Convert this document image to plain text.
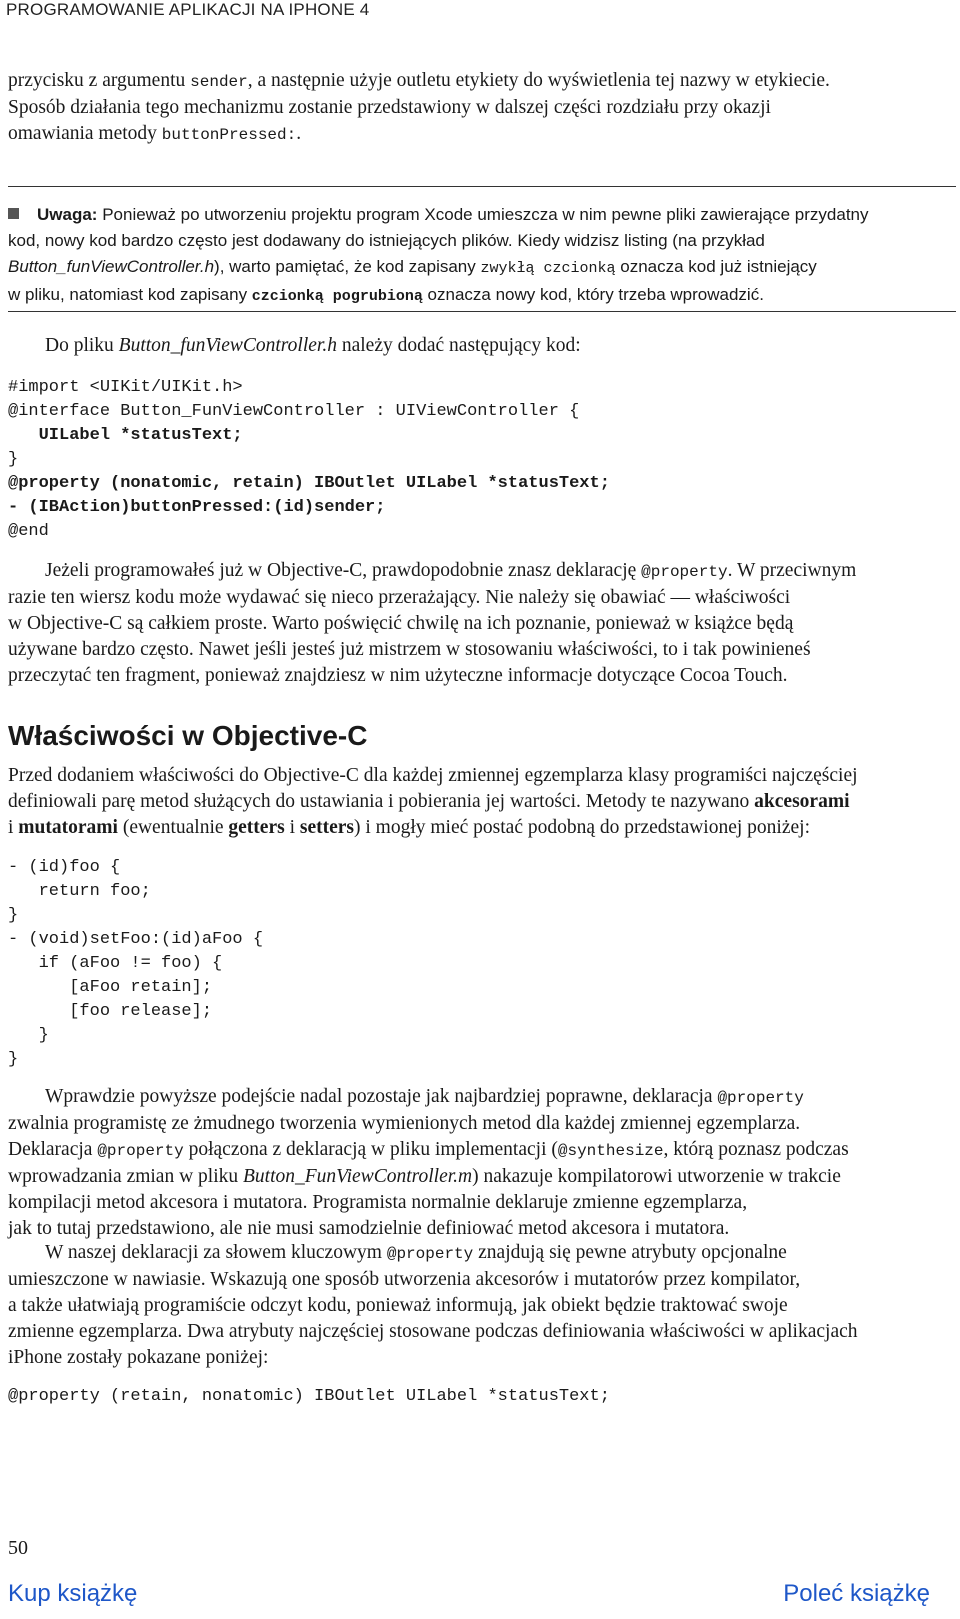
PROGRAMOWANIE APLIKACJI NA IPHONE 4
przycisku z argumentu sender, a następnie użyje outletu etykiety do wyświetlenia tej nazwy w etykiecie.
Sposób działania tego mechanizmu zostanie przedstawiony w dalszej części rozdziału przy okazji
omawiania metody buttonPressed:.
Uwaga: Ponieważ po utworzeniu projektu program Xcode umieszcza w nim pewne pliki zawierające przydatny
kod, nowy kod bardzo często jest dodawany do istniejących plików. Kiedy widzisz listing (na przykład
Button_funViewController.h), warto pamiętać, że kod zapisany zwykłą czcionką oznacza kod już istniejący
w pliku, natomiast kod zapisany czcionką pogrubioną oznacza nowy kod, który trzeba wprowadzić.
Do pliku Button_funViewController.h należy dodać następujący kod:
#import <UIKit/UIKit.h>
@interface Button_FunViewController : UIViewController {
UILabel *statusText;
}
@property (nonatomic, retain) IBOutlet UILabel *statusText;
- (IBAction)buttonPressed:(id)sender;
@end
Jeżeli programowałeś już w Objective-C, prawdopodobnie znasz deklarację @property. W przeciwnym
razie ten wiersz kodu może wydawać się nieco przerażający. Nie należy się obawiać — właściwości
w Objective-C są całkiem proste. Warto poświęcić chwilę na ich poznanie, ponieważ w książce będą
używane bardzo często. Nawet jeśli jesteś już mistrzem w stosowaniu właściwości, to i tak powinieneś
przeczytać ten fragment, ponieważ znajdziesz w nim użyteczne informacje dotyczące Cocoa Touch.
Właściwości w Objective-C
Przed dodaniem właściwości do Objective-C dla każdej zmiennej egzemplarza klasy programiści najczęściej
definiowali parę metod służących do ustawiania i pobierania jej wartości. Metody te nazywano akcesorami
i mutatorami (ewentualnie getters i setters) i mogły mieć postać podobną do przedstawionej poniżej:
- (id)foo {
return foo;
}
- (void)setFoo:(id)aFoo {
if (aFoo != foo) {
[aFoo retain];
[foo release];
}
}
Wprawdzie powyższe podejście nadal pozostaje jak najbardziej poprawne, deklaracja @property
zwalnia programistę ze żmudnego tworzenia wymienionych metod dla każdej zmiennej egzemplarza.
Deklaracja @property połączona z deklaracją w pliku implementacji (@synthesize, którą poznasz podczas
wprowadzania zmian w pliku Button_FunViewController.m) nakazuje kompilatorowi utworzenie w trakcie
kompilacji metod akcesora i mutatora. Programista normalnie deklaruje zmienne egzemplarza,
jak to tutaj przedstawiono, ale nie musi samodzielnie definiować metod akcesora i mutatora.
W naszej deklaracji za słowem kluczowym @property znajdują się pewne atrybuty opcjonalne
umieszczone w nawiasie. Wskazują one sposób utworzenia akcesorów i mutatorów przez kompilator,
a także ułatwiają programiście odczyt kodu, ponieważ informują, jak obiekt będzie traktować swoje
zmienne egzemplarza. Dwa atrybuty najczęściej stosowane podczas definiowania właściwości w aplikacjach
iPhone zostały pokazane poniżej:
@property (retain, nonatomic) IBOutlet UILabel *statusText;
50
Kup książkę	Poleć książkę
